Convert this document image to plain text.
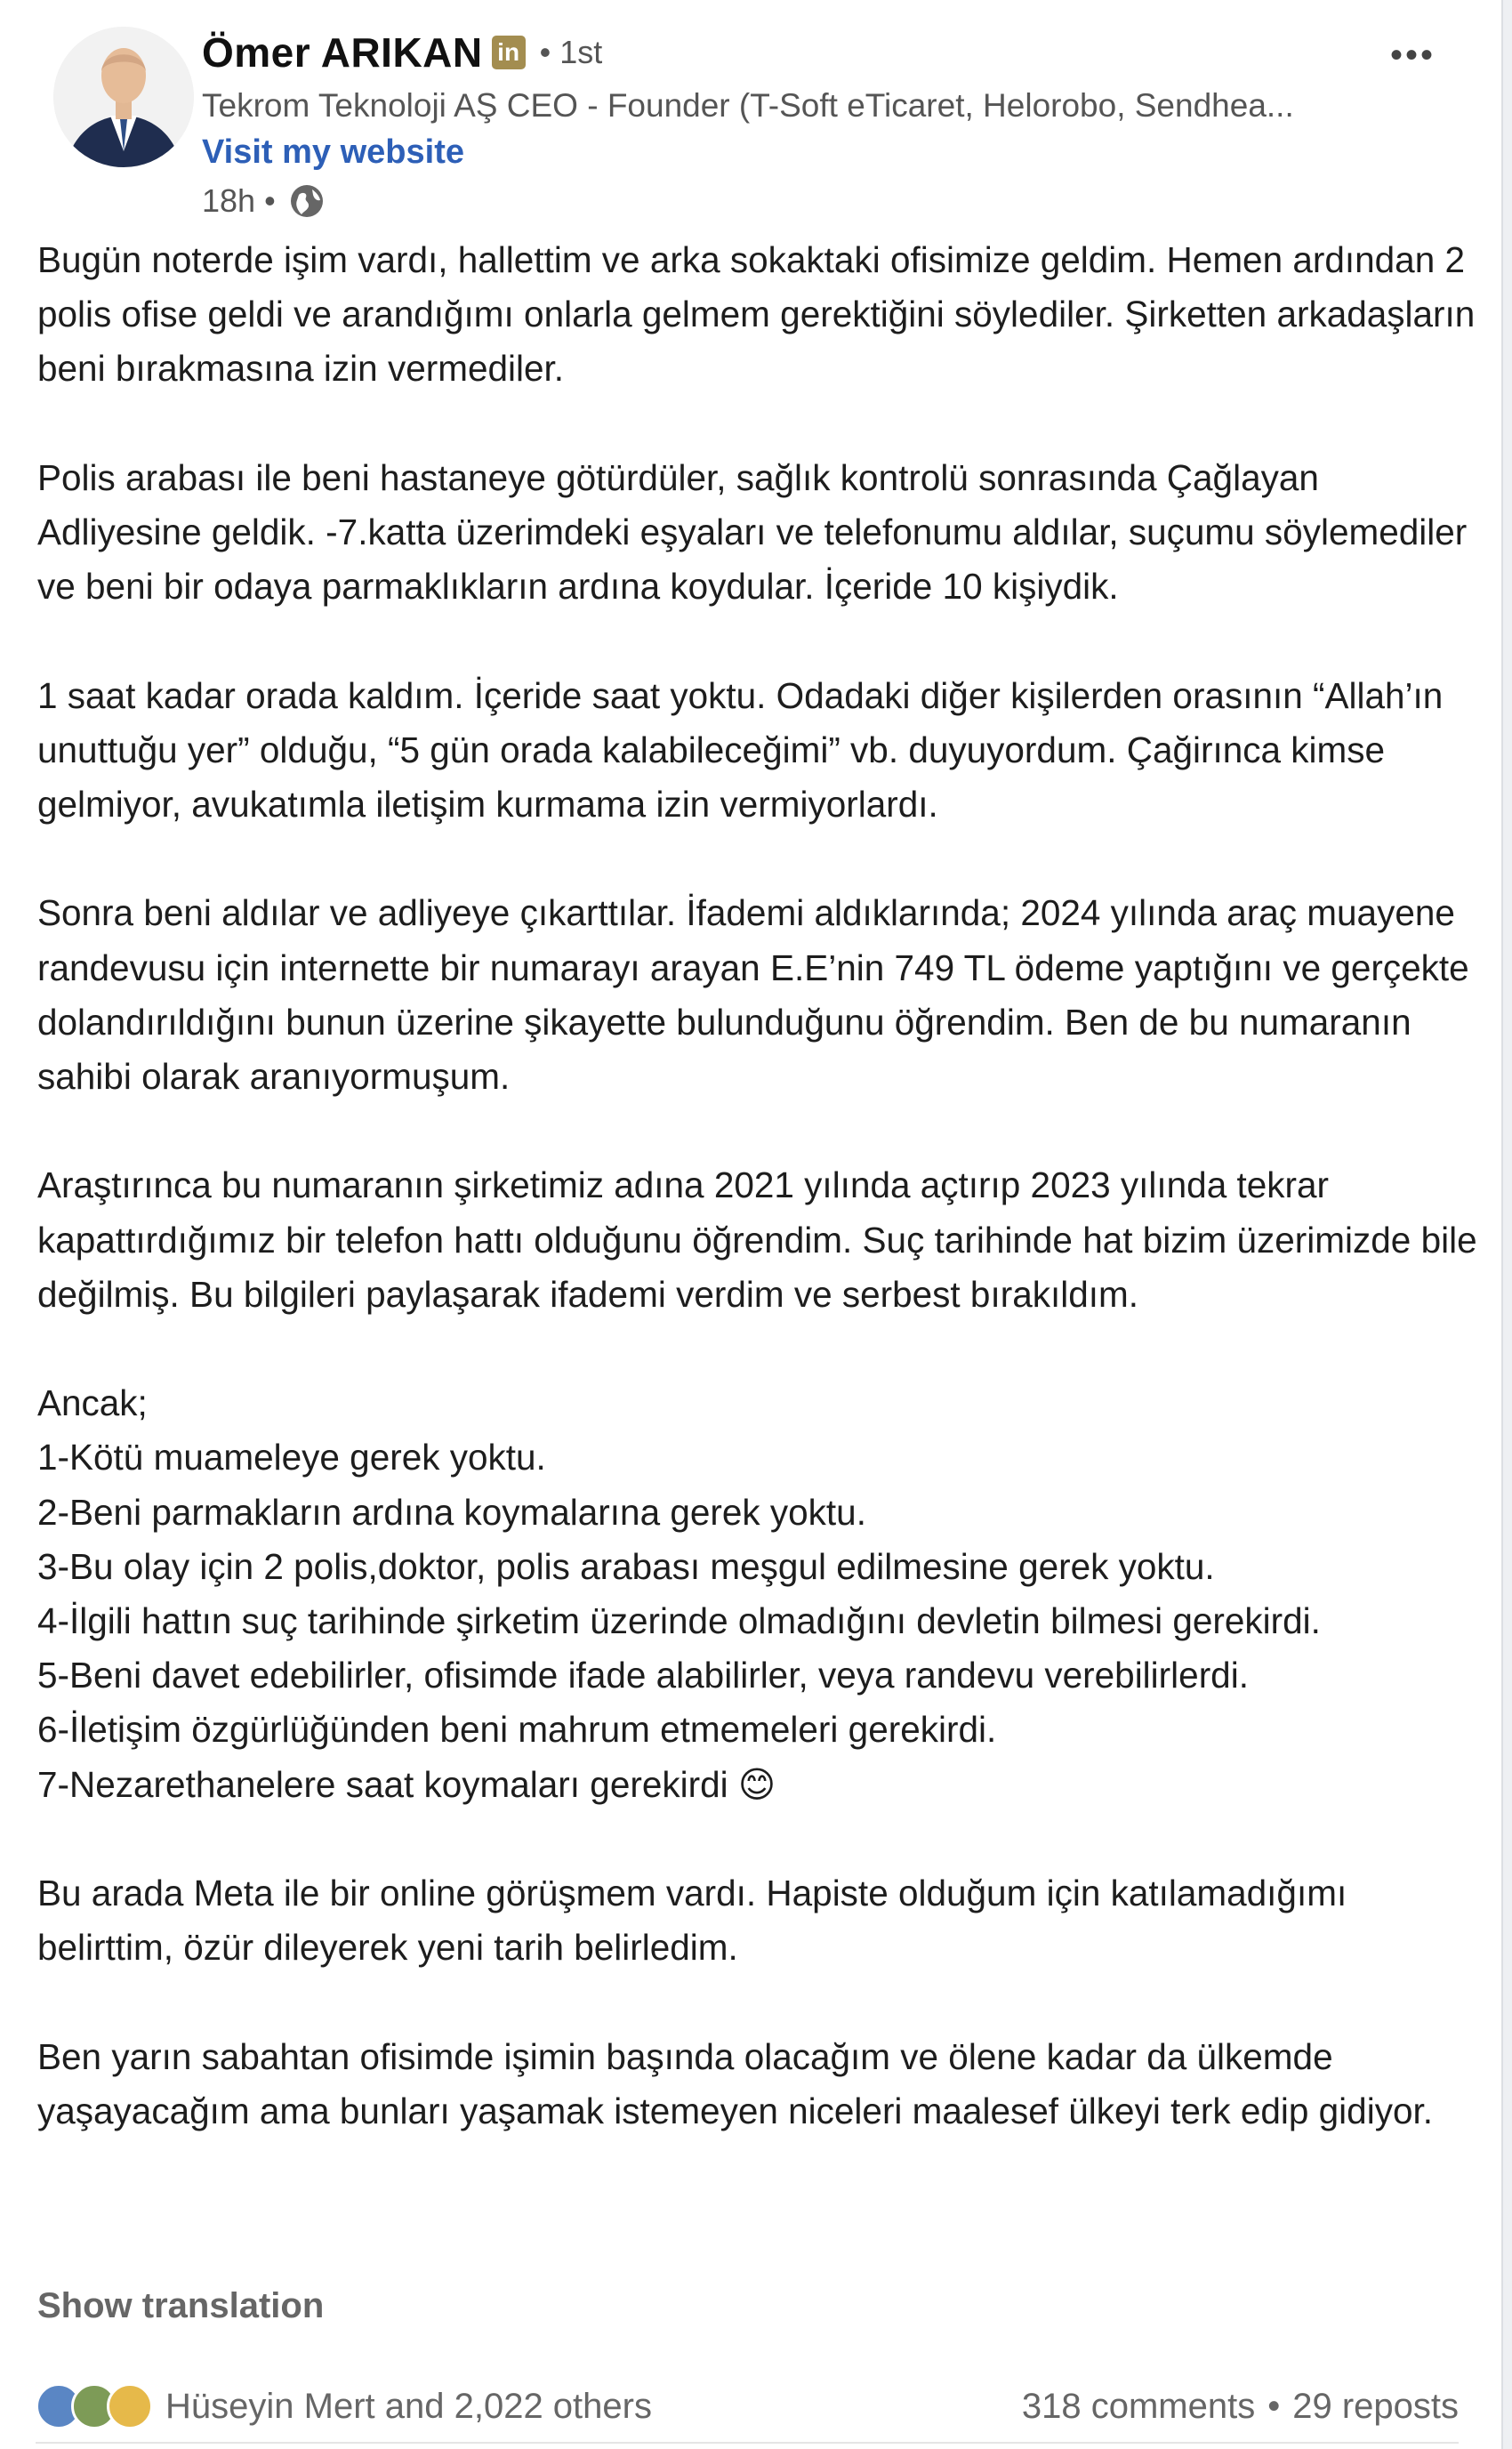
Ömer ARIKAN in • 1st
Tekrom Teknoloji AŞ CEO - Founder (T-Soft eTicaret, Helorobo, Sendhea...
Visit my website
18h •
•••

Bugün noterde işim vardı, hallettim ve arka sokaktaki ofisimize geldim. Hemen ardından 2 polis ofise geldi ve arandığımı onlarla gelmem gerektiğini söylediler. Şirketten arkadaşların beni bırakmasına izin vermediler.

Polis arabası ile beni hastaneye götürdüler, sağlık kontrolü sonrasında Çağlayan Adliyesine geldik. -7.katta üzerimdeki eşyaları ve telefonumu aldılar, suçumu söylemediler ve beni bir odaya parmaklıkların ardına koydular. İçeride 10 kişiydik.

1 saat kadar orada kaldım. İçeride saat yoktu. Odadaki diğer kişilerden orasının “Allah’ın unuttuğu yer” olduğu, “5 gün orada kalabileceğimi” vb. duyuyordum. Çağirınca kimse gelmiyor, avukatımla iletişim kurmama izin vermiyorlardı.

Sonra beni aldılar ve adliyeye çıkarttılar. İfademi aldıklarında; 2024 yılında araç muayene randevusu için internette bir numarayı arayan E.E’nin 749 TL ödeme yaptığını ve gerçekte dolandırıldığını bunun üzerine şikayette bulunduğunu öğrendim. Ben de bu numaranın sahibi olarak aranıyormuşum.

Araştırınca bu numaranın şirketimiz adına 2021 yılında açtırıp 2023 yılında tekrar kapattırdığımız bir telefon hattı olduğunu öğrendim. Suç tarihinde hat bizim üzerimizde bile değilmiş. Bu bilgileri paylaşarak ifademi verdim ve serbest bırakıldım.

Ancak;
1-Kötü muameleye gerek yoktu.
2-Beni parmakların ardına koymalarına gerek yoktu.
3-Bu olay için 2 polis,doktor, polis arabası meşgul edilmesine gerek yoktu.
4-İlgili hattın suç tarihinde şirketim üzerinde olmadığını devletin bilmesi gerekirdi.
5-Beni davet edebilirler, ofisimde ifade alabilirler, veya randevu verebilirlerdi.
6-İletişim özgürlüğünden beni mahrum etmemeleri gerekirdi.
7-Nezarethanelere saat koymaları gerekirdi 😊

Bu arada Meta ile bir online görüşmem vardı. Hapiste olduğum için katılamadığımı belirttim, özür dileyerek yeni tarih belirledim.

Ben yarın sabahtan ofisimde işimin başında olacağım ve ölene kadar da ülkemde yaşayacağım ama bunları yaşamak istemeyen niceleri maalesef ülkeyi terk edip gidiyor.

Show translation
Hüseyin Mert and 2,022 others	318 comments • 29 reposts
